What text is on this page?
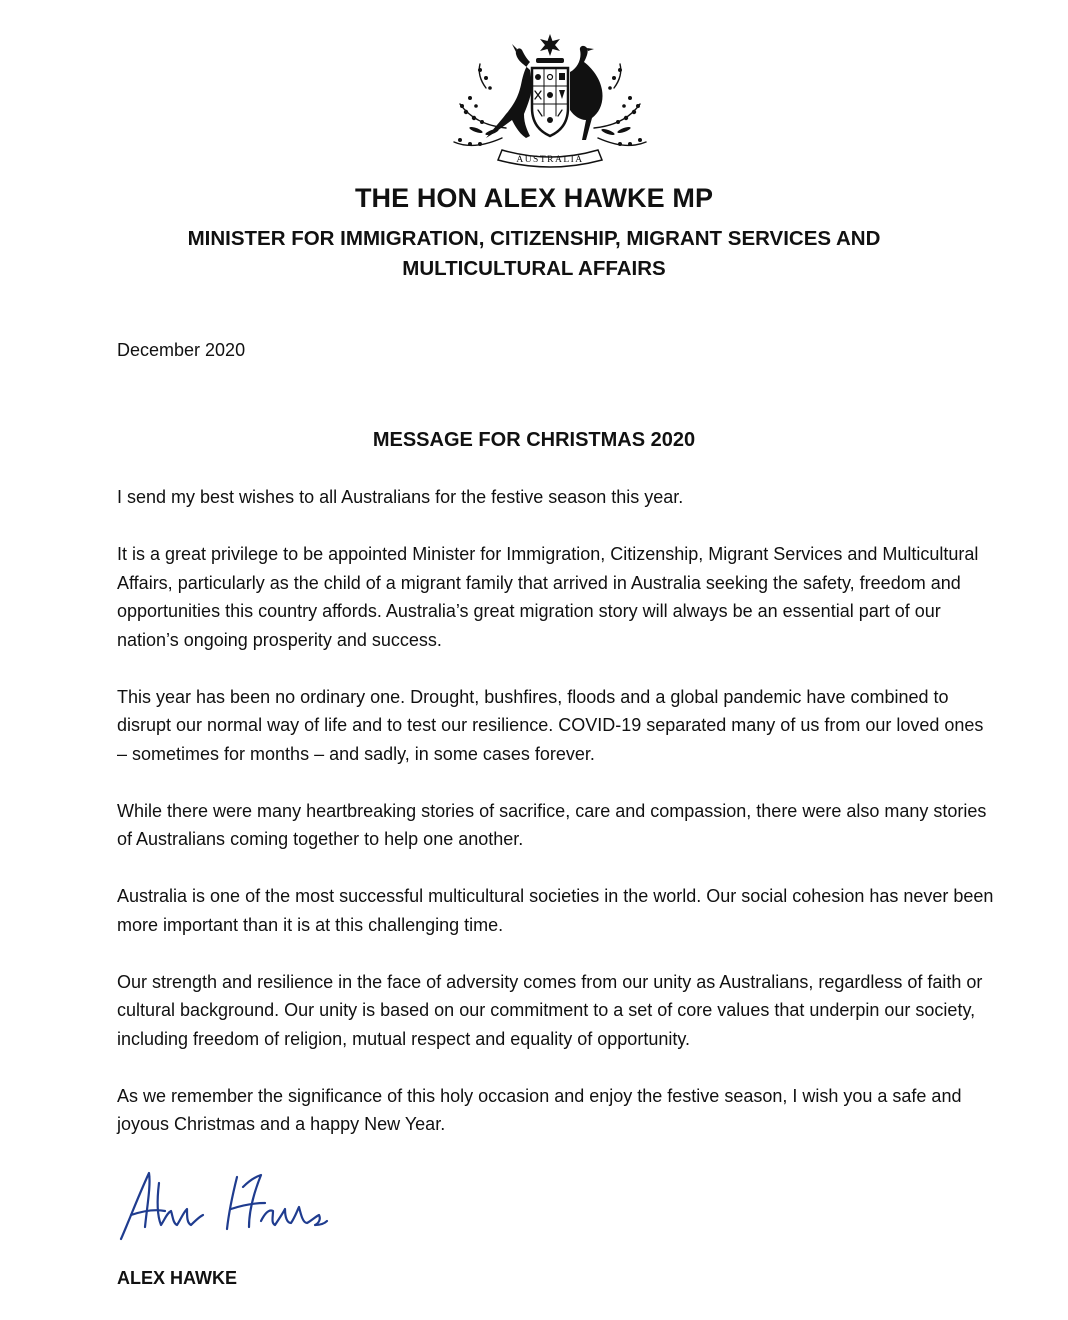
AUSTRALIA
THE HON ALEX HAWKE MP
MINISTER FOR IMMIGRATION, CITIZENSHIP, MIGRANT SERVICES AND
MULTICULTURAL AFFAIRS
December 2020
MESSAGE FOR CHRISTMAS 2020

I send my best wishes to all Australians for the festive season this year.

It is a great privilege to be appointed Minister for Immigration, Citizenship, Migrant Services and Multicultural Affairs, particularly as the child of a migrant family that arrived in Australia seeking the safety, freedom and opportunities this country affords. Australia’s great migration story will always be an essential part of our nation’s ongoing prosperity and success.

This year has been no ordinary one. Drought, bushfires, floods and a global pandemic have combined to disrupt our normal way of life and to test our resilience. COVID-19 separated many of us from our loved ones – sometimes for months – and sadly, in some cases forever.

While there were many heartbreaking stories of sacrifice, care and compassion, there were also many stories of Australians coming together to help one another.

Australia is one of the most successful multicultural societies in the world. Our social cohesion has never been more important than it is at this challenging time.

Our strength and resilience in the face of adversity comes from our unity as Australians, regardless of faith or cultural background. Our unity is based on our commitment to a set of core values that underpin our society, including freedom of religion, mutual respect and equality of opportunity.

As we remember the significance of this holy occasion and enjoy the festive season, I wish you a safe and joyous Christmas and a happy New Year.

ALEX HAWKE
